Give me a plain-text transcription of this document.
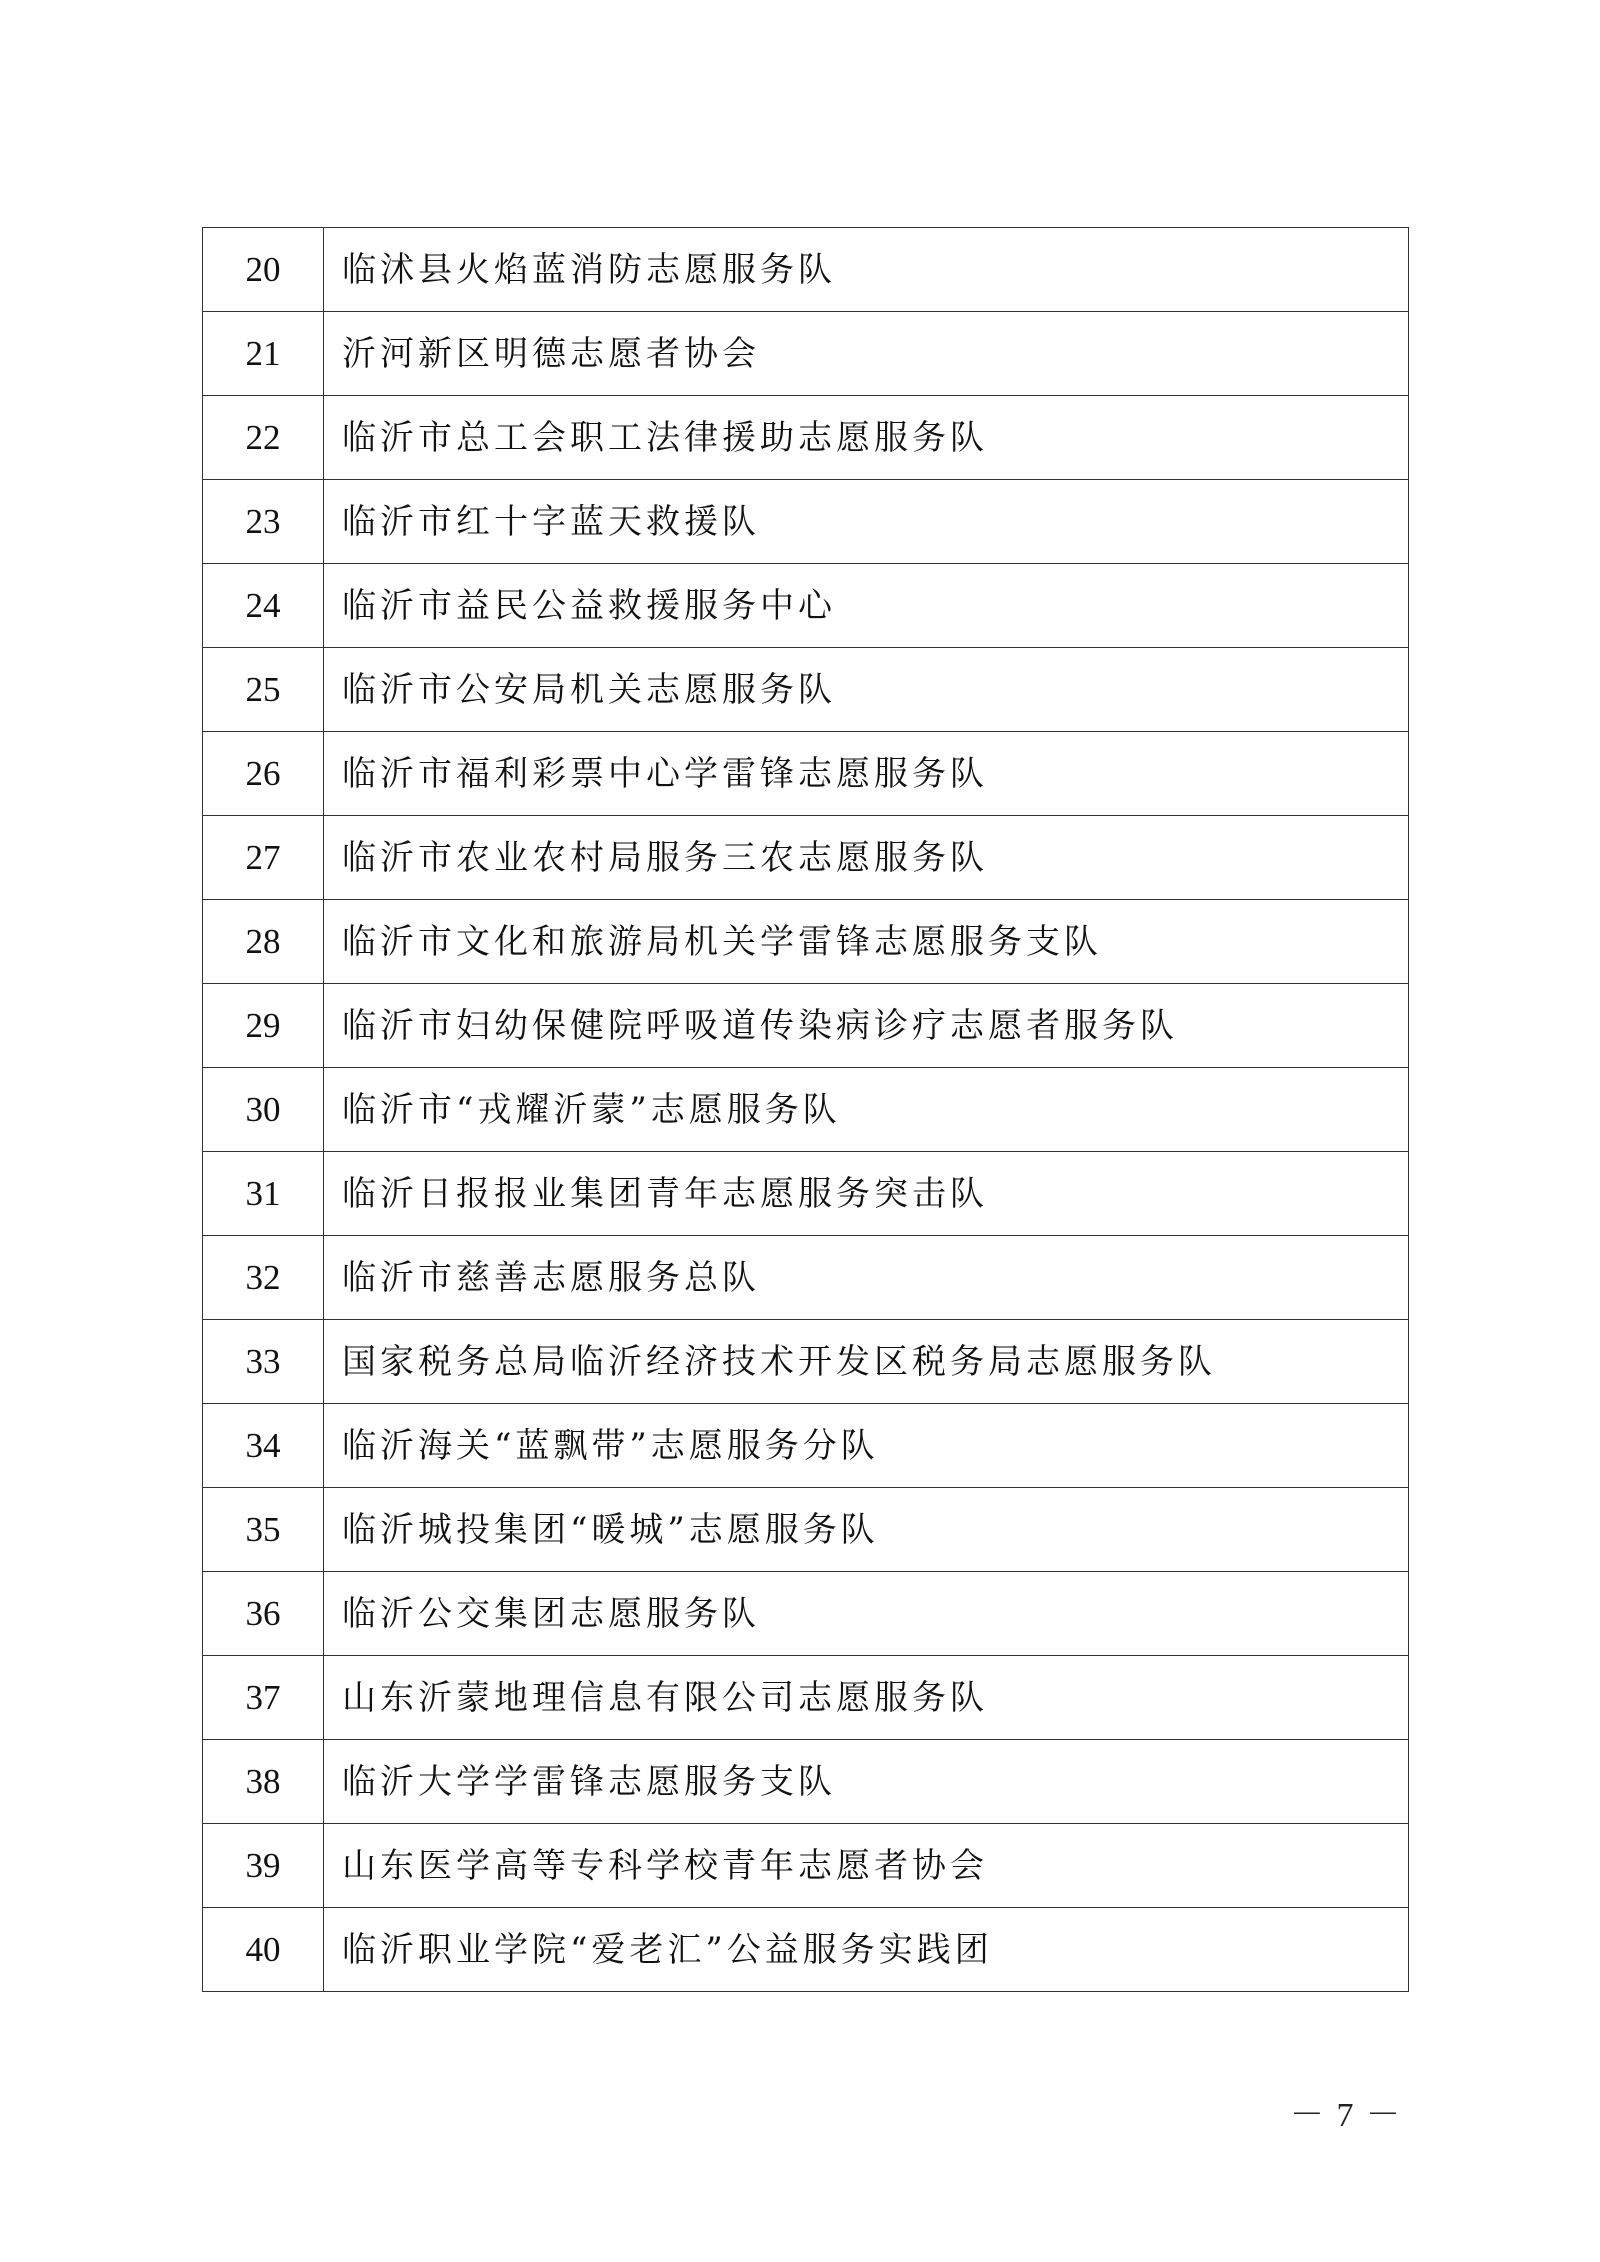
20	临沭县火焰蓝消防志愿服务队
21	沂河新区明德志愿者协会
22	临沂市总工会职工法律援助志愿服务队
23	临沂市红十字蓝天救援队
24	临沂市益民公益救援服务中心
25	临沂市公安局机关志愿服务队
26	临沂市福利彩票中心学雷锋志愿服务队
27	临沂市农业农村局服务三农志愿服务队
28	临沂市文化和旅游局机关学雷锋志愿服务支队
29	临沂市妇幼保健院呼吸道传染病诊疗志愿者服务队
30	临沂市“戎耀沂蒙”志愿服务队
31	临沂日报报业集团青年志愿服务突击队
32	临沂市慈善志愿服务总队
33	国家税务总局临沂经济技术开发区税务局志愿服务队
34	临沂海关“蓝飘带”志愿服务分队
35	临沂城投集团“暖城”志愿服务队
36	临沂公交集团志愿服务队
37	山东沂蒙地理信息有限公司志愿服务队
38	临沂大学学雷锋志愿服务支队
39	山东医学高等专科学校青年志愿者协会
40	临沂职业学院“爱老汇”公益服务实践团
－ 7 －
